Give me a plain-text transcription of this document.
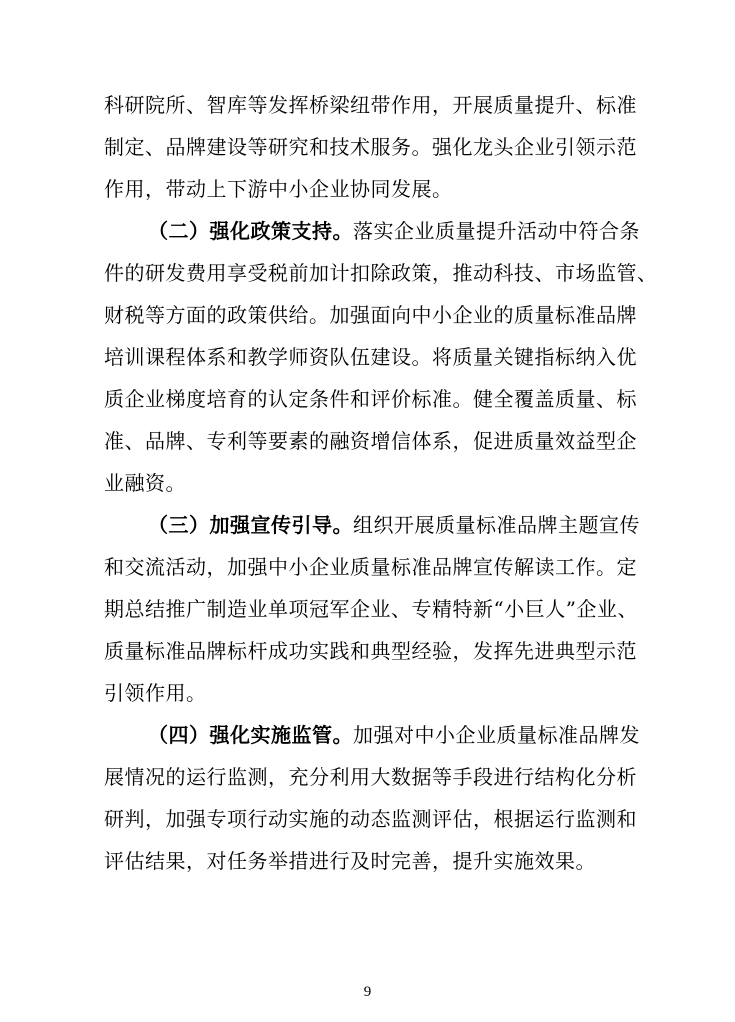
科研院所、智库等发挥桥梁纽带作用，开展质量提升、标准
制定、品牌建设等研究和技术服务。强化龙头企业引领示范
作用，带动上下游中小企业协同发展。
（二）强化政策支持。落实企业质量提升活动中符合条
件的研发费用享受税前加计扣除政策，推动科技、市场监管、
财税等方面的政策供给。加强面向中小企业的质量标准品牌
培训课程体系和教学师资队伍建设。将质量关键指标纳入优
质企业梯度培育的认定条件和评价标准。健全覆盖质量、标
准、品牌、专利等要素的融资增信体系，促进质量效益型企
业融资。
（三）加强宣传引导。组织开展质量标准品牌主题宣传
和交流活动，加强中小企业质量标准品牌宣传解读工作。定
期总结推广制造业单项冠军企业、专精特新“小巨人”企业、
质量标准品牌标杆成功实践和典型经验，发挥先进典型示范
引领作用。
（四）强化实施监管。加强对中小企业质量标准品牌发
展情况的运行监测，充分利用大数据等手段进行结构化分析
研判，加强专项行动实施的动态监测评估，根据运行监测和
评估结果，对任务举措进行及时完善，提升实施效果。
9
